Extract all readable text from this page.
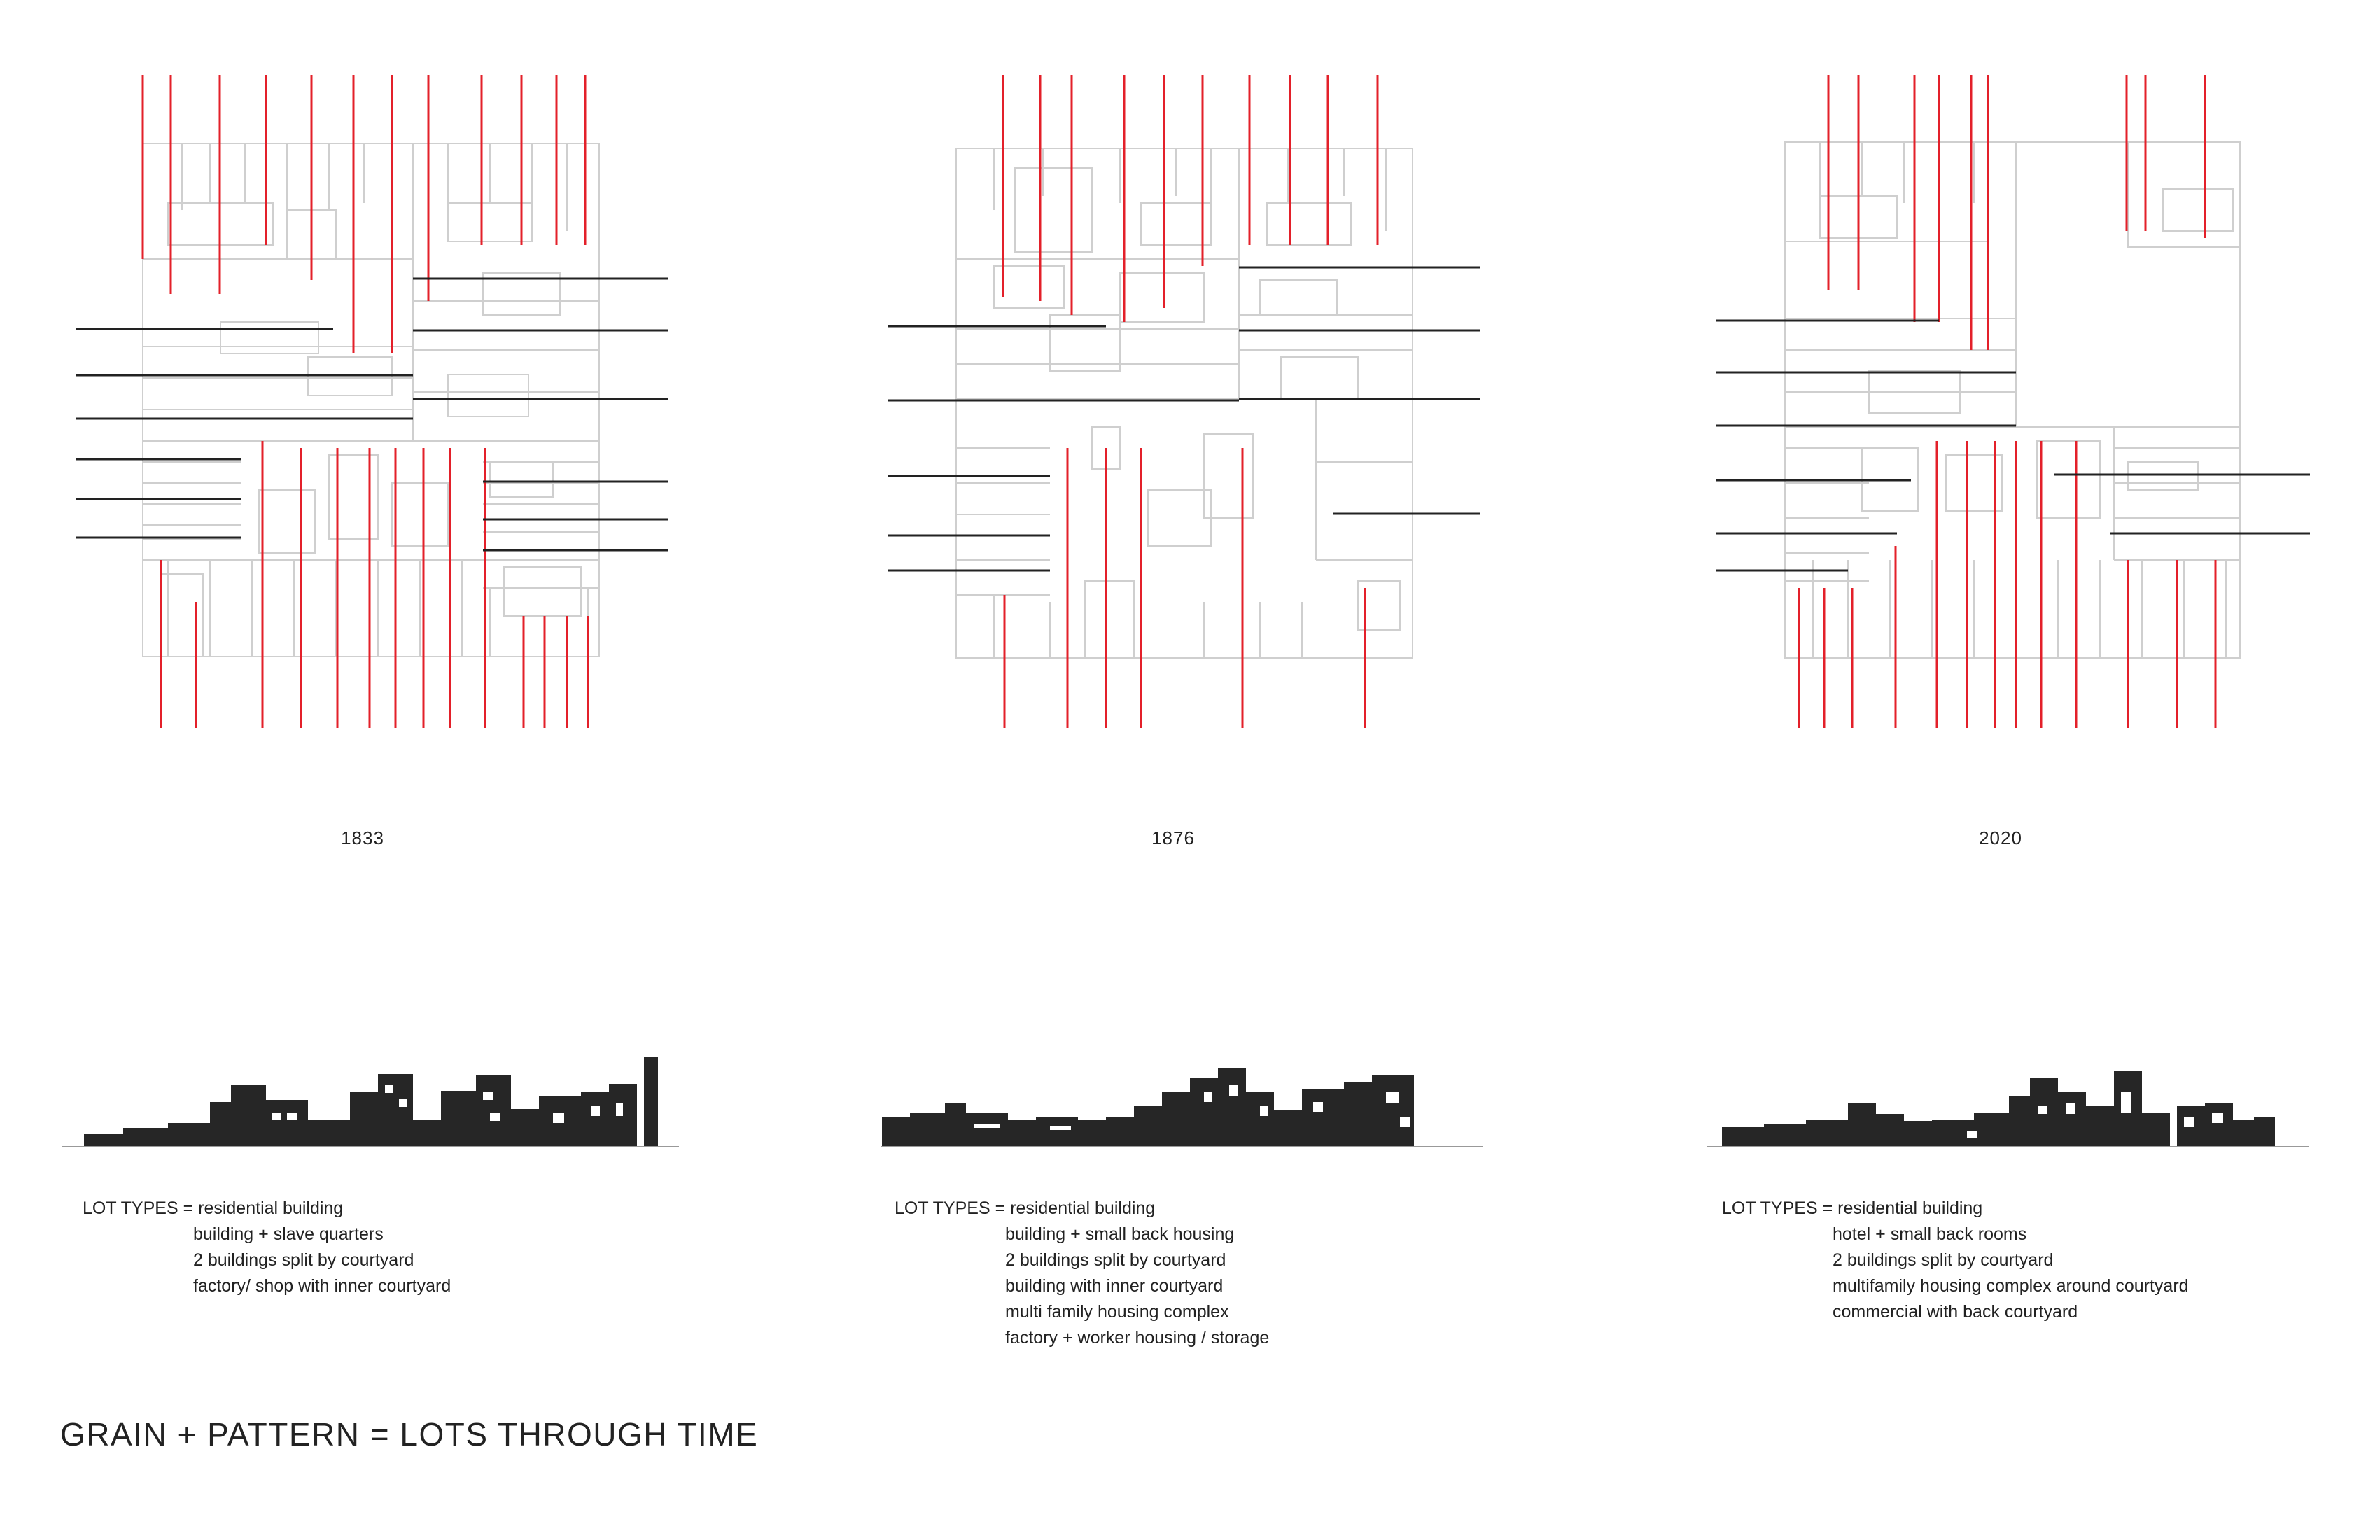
1833
LOT TYPES = residential building
building + slave quarters
2 buildings split by courtyard
factory/ shop with inner courtyard
1876
LOT TYPES = residential building
building + small back housing
2 buildings split by courtyard
building with inner courtyard
multi family housing complex
factory + worker housing / storage
2020
LOT TYPES = residential building
hotel + small back rooms
2 buildings split by courtyard
multifamily housing complex around courtyard
commercial with back courtyard
GRAIN + PATTERN = LOTS THROUGH TIME
